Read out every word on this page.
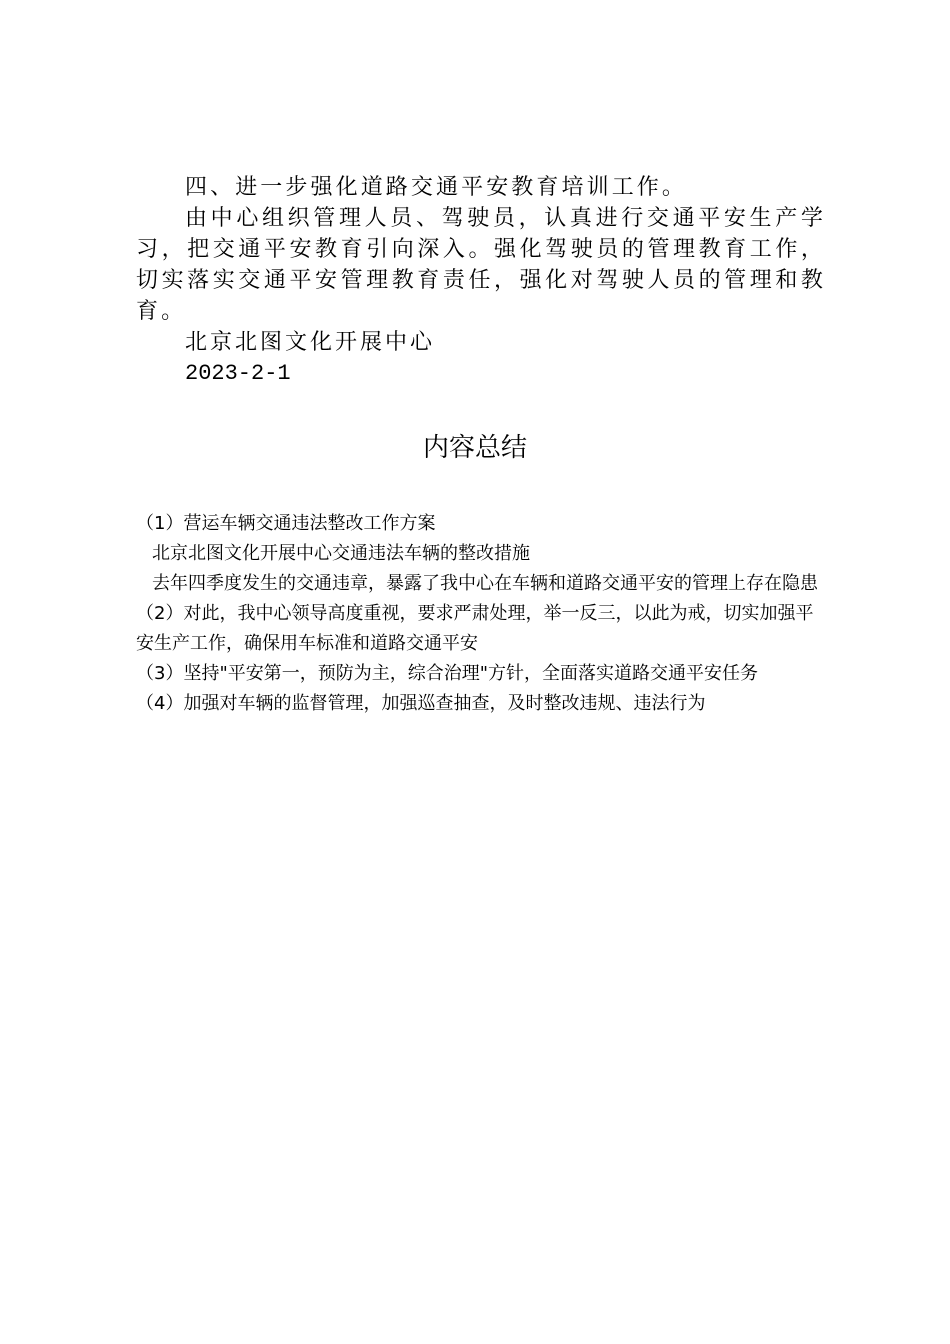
四、进一步强化道路交通平安教育培训工作。

由中心组织管理人员、驾驶员，认真进行交通平安生产学习，把交通平安教育引向深入。强化驾驶员的管理教育工作，切实落实交通平安管理教育责任，强化对驾驶人员的管理和教育。

北京北图文化开展中心

2023-2-1

内容总结

（1）营运车辆交通违法整改工作方案

北京北图文化开展中心交通违法车辆的整改措施

去年四季度发生的交通违章，暴露了我中心在车辆和道路交通平安的管理上存在隐患

（2）对此，我中心领导高度重视，要求严肃处理，举一反三，以此为戒，切实加强平安生产工作，确保用车标准和道路交通平安

（3）坚持"平安第一，预防为主，综合治理"方针，全面落实道路交通平安任务

（4）加强对车辆的监督管理，加强巡查抽查，及时整改违规、违法行为
